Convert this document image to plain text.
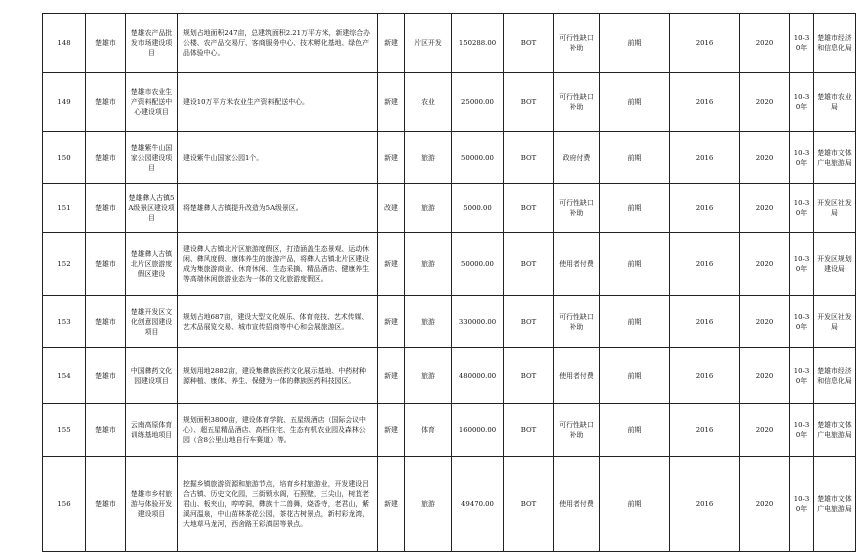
148	楚雄市	楚雄农产品批发市场建设项目	规划占地面积247亩，总建筑面积2.21万平方米，新建综合办公楼、农产品交易厅、客商服务中心、技术孵化基地、绿色产品体验中心。	新建	片区开发	150288.00	BOT	可行性缺口补助	前期	2016	2020	10-30年	楚雄市经济和信息化局
149	楚雄市	楚雄市农业生产资料配送中心建设项目	建设10万平方米农业生产资料配送中心。	新建	农业	25000.00	BOT	可行性缺口补助	前期	2016	2020	10-30年	楚雄市农业局
150	楚雄市	楚雄紫牛山国家公园建设项目	建设紫牛山国家公园1个。	新建	旅游	50000.00	BOT	政府付费	前期	2016	2020	10-30年	楚雄市文体广电旅游局
151	楚雄市	楚雄彝人古镇5A级景区建设项目	将楚雄彝人古镇提升改造为5A级景区。	改建	旅游	5000.00	BOT	可行性缺口补助	前期	2016	2020	10-30年	开发区社发局
152	楚雄市	楚雄彝人古镇北片区旅游度假区建设	建设彝人古镇北片区旅游度假区，打造涵盖生态景观、运动休闲、彝风度假、康体养生的旅游产品，将彝人古镇北片区建设成为集旅游商业、休育休闲、生态采摘、精品酒店、健康养生等高端休闲旅游业态为一体的文化旅游度假区。	新建	旅游	50000.00	BOT	使用者付费	前期	2016	2020	10-30年	开发区规划建设局
153	楚雄市	楚雄开发区文化创意园建设项目	规划占地687亩，建设大型文化娱乐、体育竞技、艺术传媒、艺术品展览交易、城市宣传招商等中心和会展旅游区。	新建	旅游	330000.00	BOT	可行性缺口补助	前期	2016	2020	10-30年	开发区社发局
154	楚雄市	中国彝药文化园建设项目	规划用地2882亩，建设集彝族医药文化展示基地、中药材种源种植、康体、养生、保健为一体的彝族医药科技园区。	新建	旅游	480000.00	BOT	使用者付费	前期	2016	2020	10-30年	楚雄市经济和信息化局
155	楚雄市	云南高原体育训练基地项目	规划面积3800亩，建设体育学院、五星级酒店（国际会议中心）、超五星精品酒店、高档住宅、生态有机农业园及森林公园（含8公里山地自行车赛道）等。	新建	体育	160000.00	BOT	可行性缺口补助	前期	2016	2020	10-30年	楚雄市文体广电旅游局
156	楚雄市	楚雄市乡村旅游与体验开发建设项目	挖掘乡镇旅游资源和旅游节点，培育乡村旅游业，开发建设吕合古镇、历史文化园，三街锁水阁，石照壁，三尖山，树苴老君山、板夹山，哼哼洞，彝族十二兽舞，烧香寺，老君山，紫溪河温泉，中山苗林茶花公园，茶花古树景点，新村彩龙湾，大地草马龙河，西舍路王彩滇居等景点。	新建	旅游	49470.00	BOT	使用者付费	前期	2016	2020	10-30年	楚雄市文体广电旅游局
